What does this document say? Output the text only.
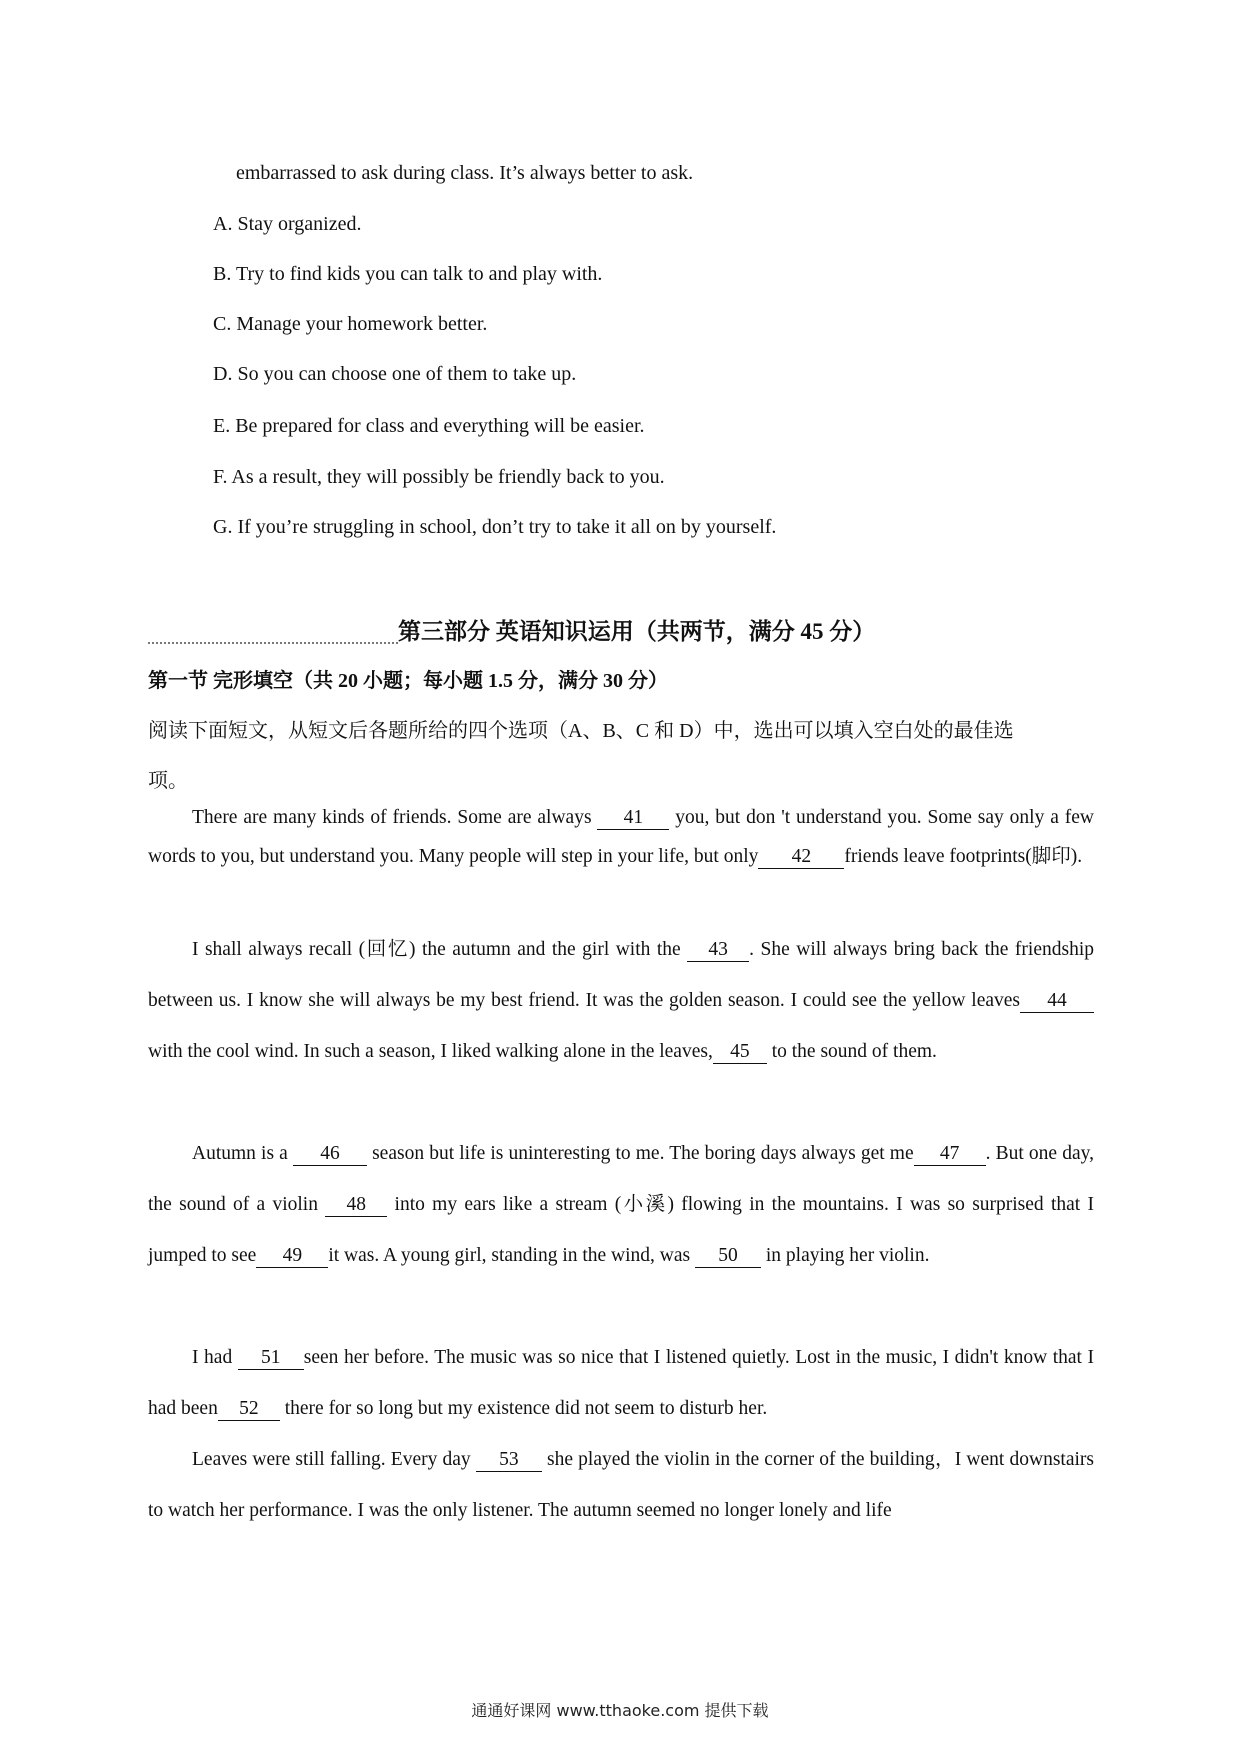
embarrassed to ask during class. It’s always better to ask.
A. Stay organized.
B. Try to find kids you can talk to and play with.
C. Manage your homework better.
D. So you can choose one of them to take up.
E. Be prepared for class and everything will be easier.
F. As a result, they will possibly be friendly back to you.
G. If you’re struggling in school, don’t try to take it all on by yourself.
第三部分 英语知识运用（共两节，满分 45 分）
第一节 完形填空（共 20 小题；每小题 1.5 分，满分 30 分）
阅读下面短文，从短文后各题所给的四个选项（A、B、C 和 D）中，选出可以填入空白处的最佳选
项。
There are many kinds of friends. Some are always 41 you, but don 't understand you. Some say only a few words to you, but understand you. Many people will step in your life, but only 42 friends leave footprints(脚印).
I shall always recall (回忆) the autumn and the girl with the 43 . She will always bring back the friendship between us. I know she will always be my best friend. It was the golden season. I could see the yellow leaves 44 with the cool wind. In such a season, I liked walking alone in the leaves, 45 to the sound of them.
Autumn is a 46 season but life is uninteresting to me. The boring days always get me 47 . But one day, the sound of a violin 48 into my ears like a stream (小溪) flowing in the mountains. I was so surprised that I jumped to see 49 it was. A young girl, standing in the wind, was 50 in playing her violin.
I had 51 seen her before. The music was so nice that I listened quietly. Lost in the music, I didn't know that I had been 52 there for so long but my existence did not seem to disturb her.
Leaves were still falling. Every day 53 she played the violin in the corner of the building，I went downstairs to watch her performance. I was the only listener. The autumn seemed no longer lonely and life
通通好课网 www.tthaoke.com 提供下载
